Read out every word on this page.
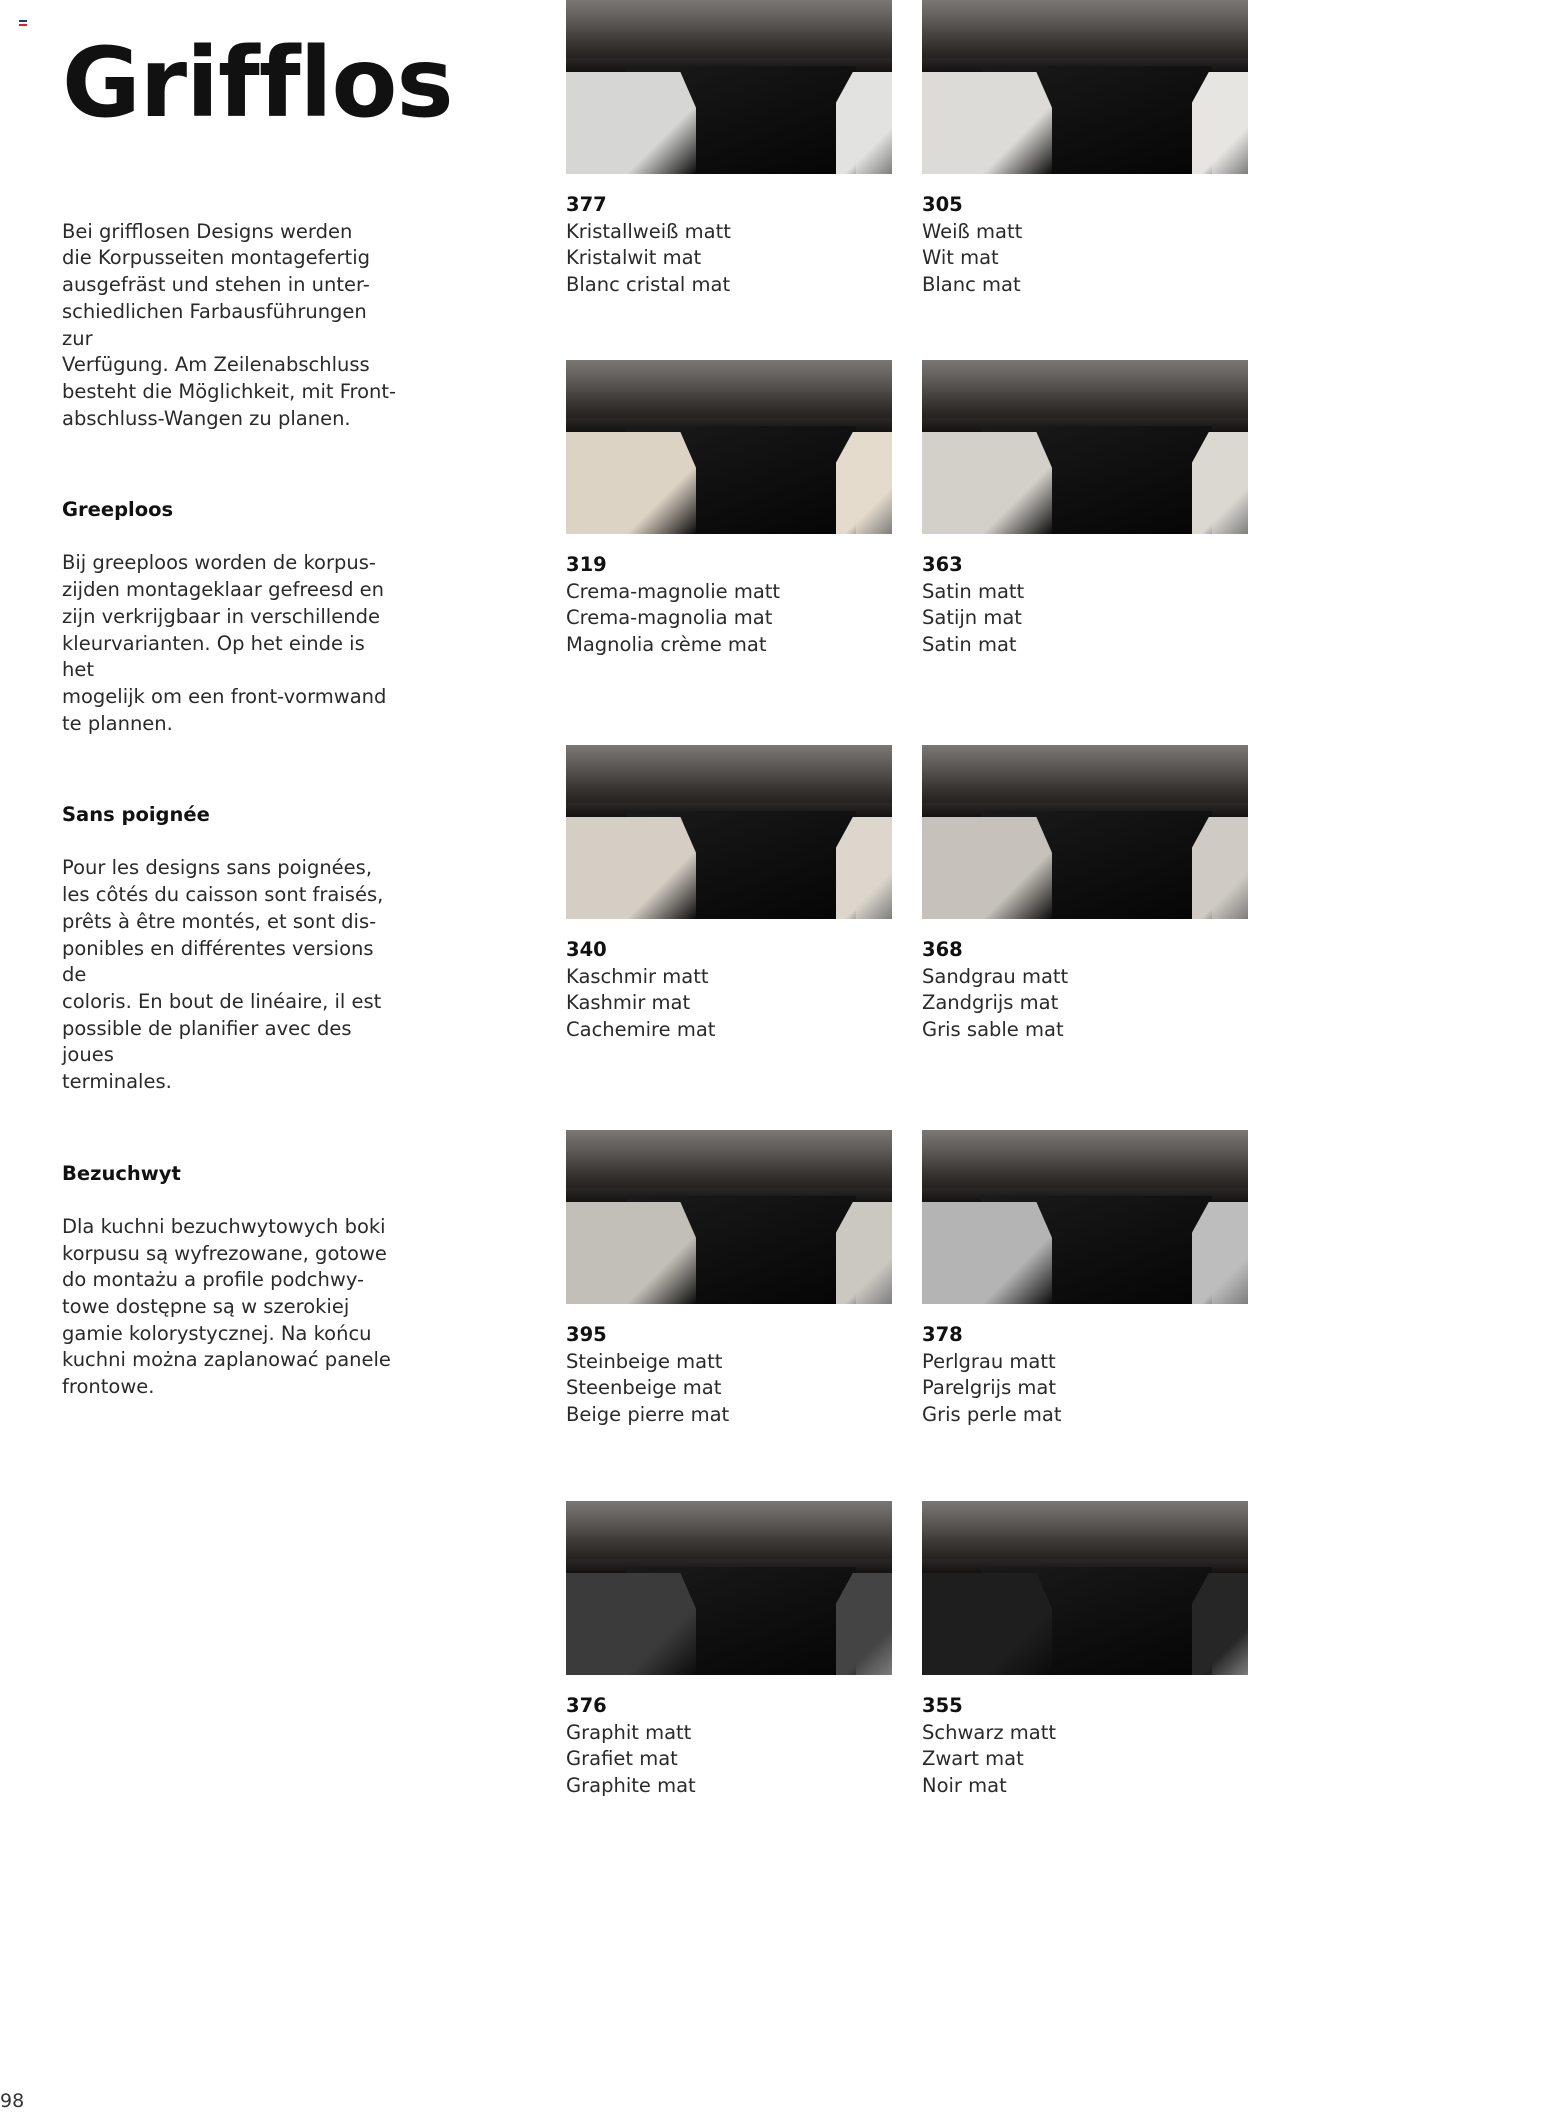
Grifflos

Bei grifflosen Designs werden
die Korpusseiten montagefertig
ausgefräst und stehen in unter-
schiedlichen Farbausführungen zur
Verfügung. Am Zeilenabschluss
besteht die Möglichkeit, mit Front-
abschluss-Wangen zu planen.

Greeploos

Bij greeploos worden de korpus-
zijden montageklaar gefreesd en
zijn verkrijgbaar in verschillende
kleurvarianten. Op het einde is het
mogelijk om een front-vormwand
te plannen.

Sans poignée

Pour les designs sans poignées,
les côtés du caisson sont fraisés,
prêts à être montés, et sont dis-
ponibles en différentes versions de
coloris. En bout de linéaire, il est
possible de planifier avec des joues
terminales.

Bezuchwyt

Dla kuchni bezuchwytowych boki
korpusu są wyfrezowane, gotowe
do montażu a profile podchwy-
towe dostępne są w szerokiej
gamie kolorystycznej. Na końcu
kuchni można zaplanować panele
frontowe.

377
Kristallweiß matt
Kristalwit mat
Blanc cristal mat
305
Weiß matt
Wit mat
Blanc mat
319
Crema-magnolie matt
Crema-magnolia mat
Magnolia crème mat
363
Satin matt
Satijn mat
Satin mat
340
Kaschmir matt
Kashmir mat
Cachemire mat
368
Sandgrau matt
Zandgrijs mat
Gris sable mat
395
Steinbeige matt
Steenbeige mat
Beige pierre mat
378
Perlgrau matt
Parelgrijs mat
Gris perle mat
376
Graphit matt
Grafiet mat
Graphite mat
355
Schwarz matt
Zwart mat
Noir mat
98
